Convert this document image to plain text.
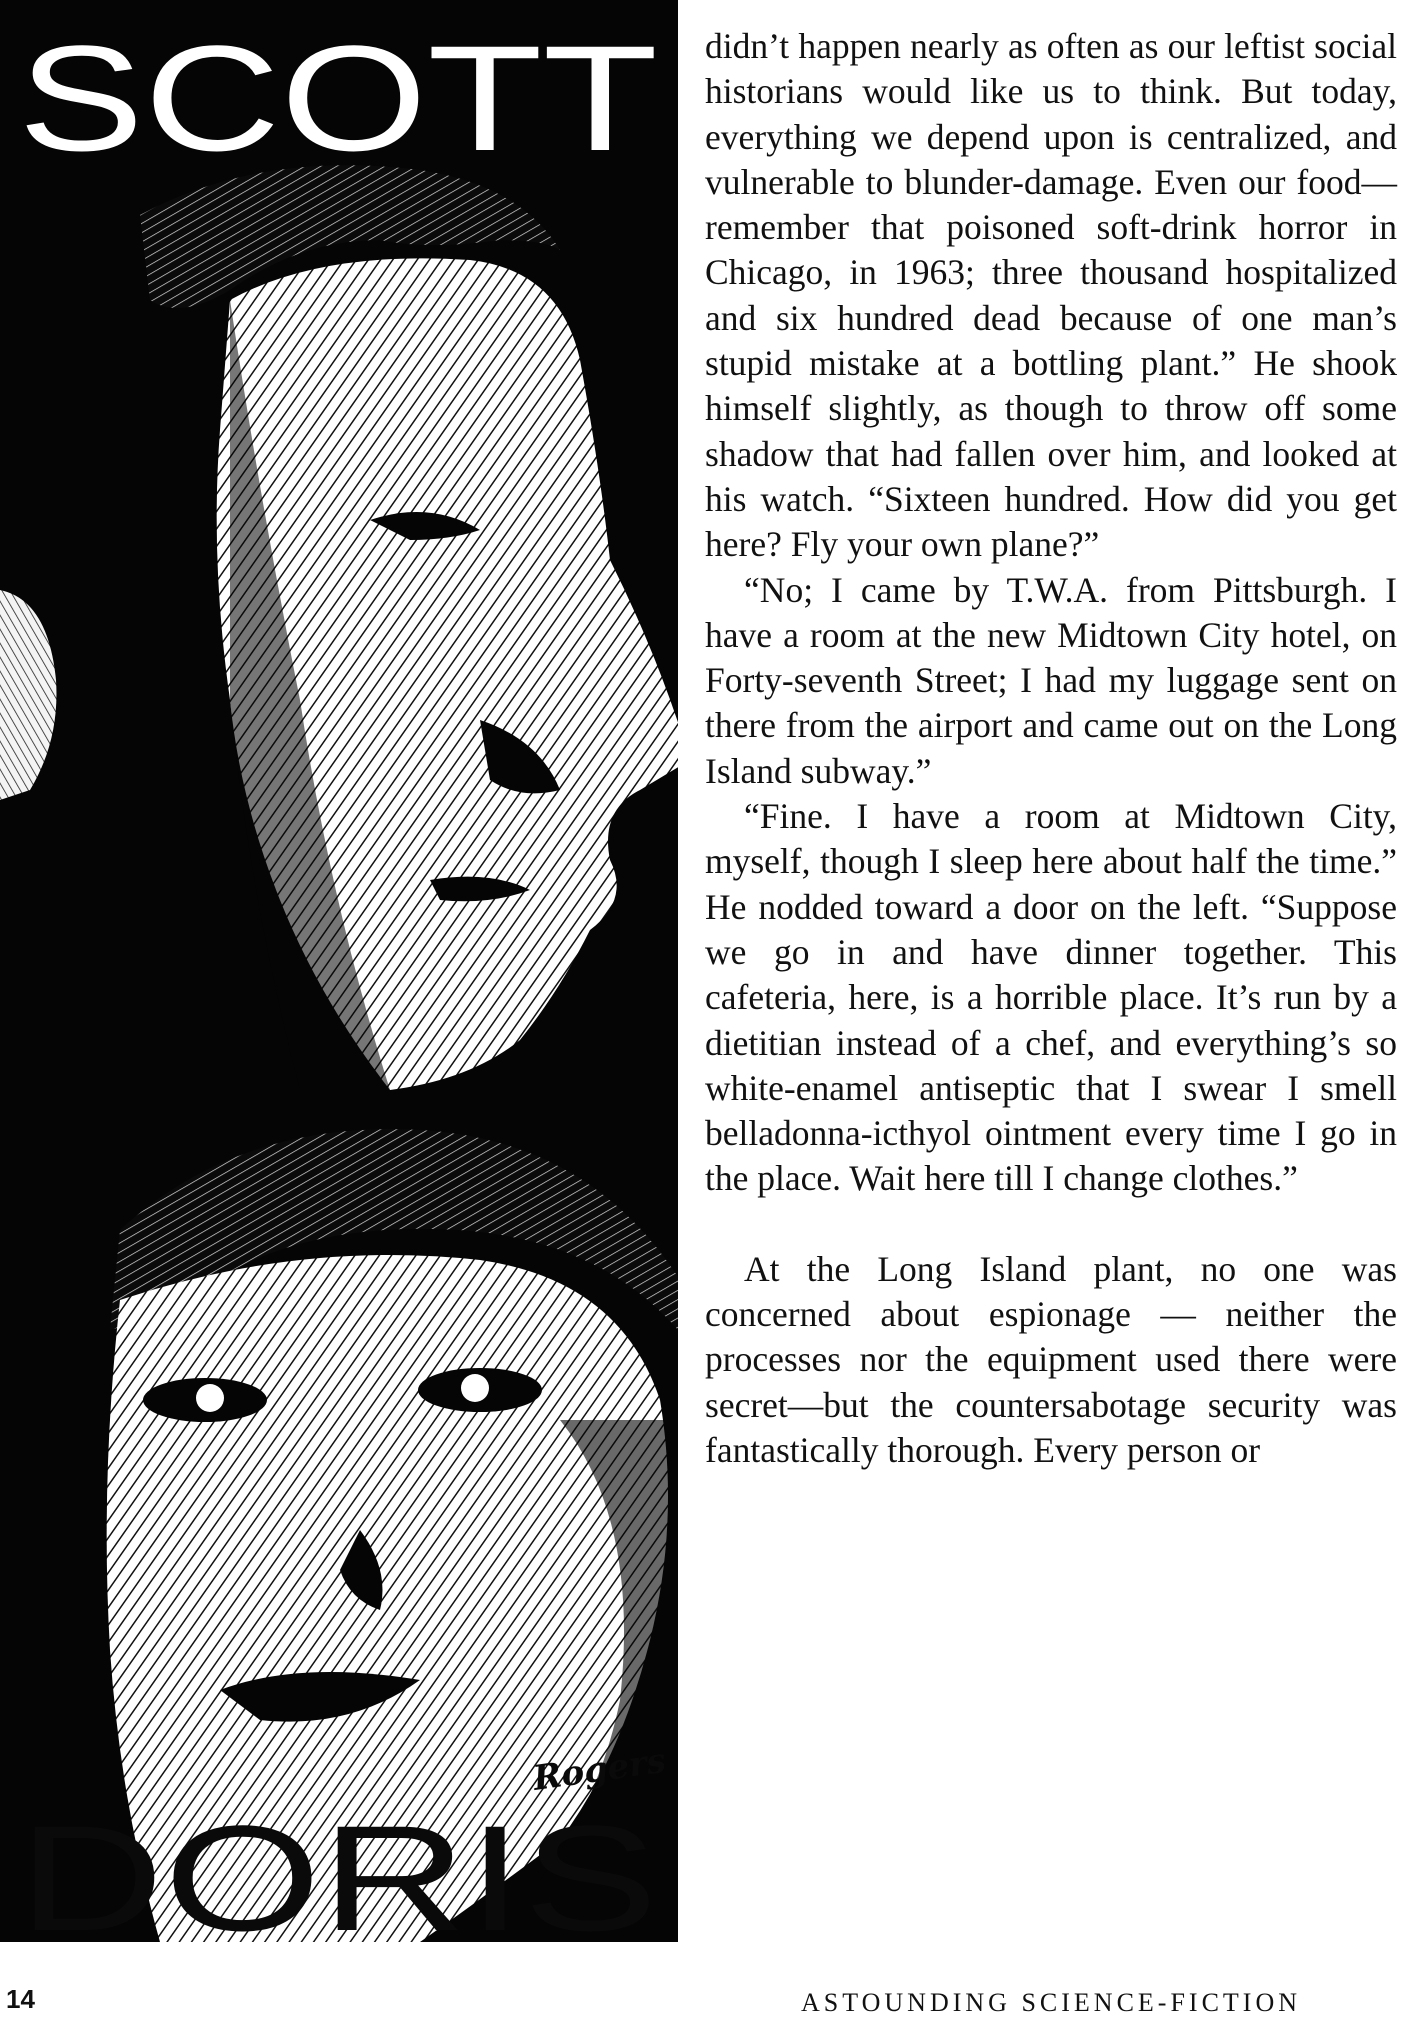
SCOTT
DORIS
Rogers

didn’t happen nearly as often as our leftist social historians would like us to think. But today, everything we depend upon is centralized, and vulnerable to blunder-damage. Even our food—remember that poisoned soft-drink horror in Chicago, in 1963; three thousand hospitalized and six hundred dead because of one man’s stupid mistake at a bottling plant.” He shook himself slightly, as though to throw off some shadow that had fallen over him, and looked at his watch. “Sixteen hundred. How did you get here? Fly your own plane?”

“No; I came by T.W.A. from Pittsburgh. I have a room at the new Midtown City hotel, on Forty-seventh Street; I had my luggage sent on there from the airport and came out on the Long Island subway.”

“Fine. I have a room at Midtown City, myself, though I sleep here about half the time.” He nodded toward a door on the left. “Suppose we go in and have dinner together. This cafeteria, here, is a horrible place. It’s run by a dietitian instead of a chef, and everything’s so white-enamel antiseptic that I swear I smell belladonna-icthyol ointment every time I go in the place. Wait here till I change clothes.”

At the Long Island plant, no one was concerned about espionage — neither the processes nor the equipment used there were secret—but the countersabotage security was fantastically thorough. Every person or

14	ASTOUNDING SCIENCE-FICTION
